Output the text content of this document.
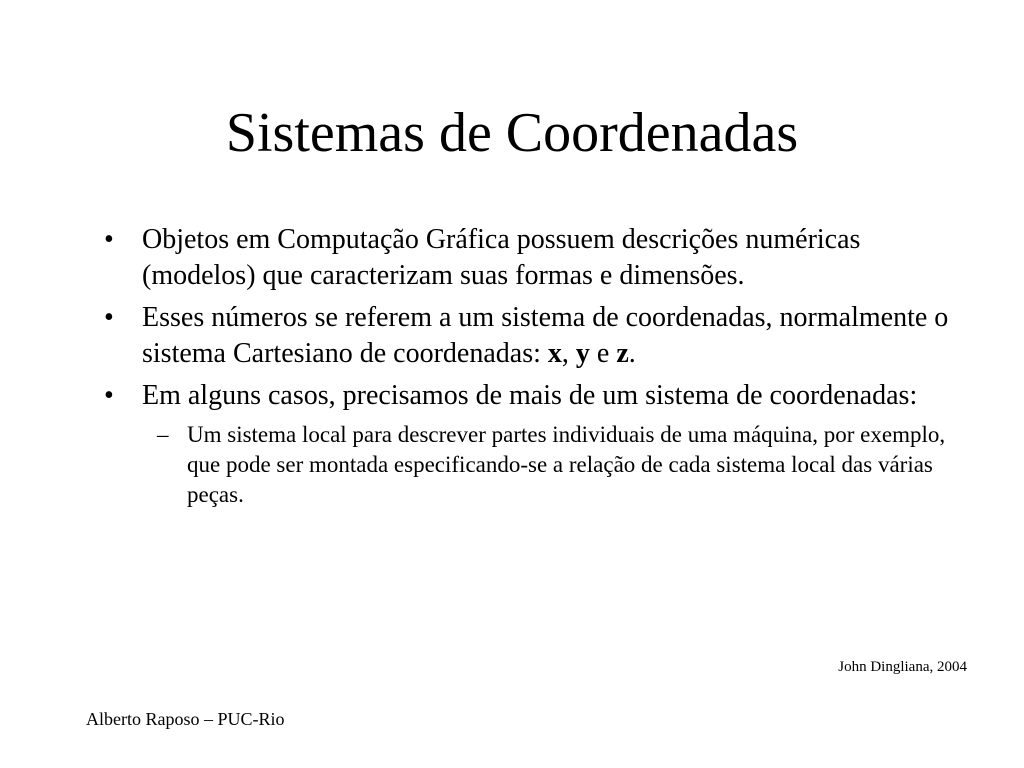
Sistemas de Coordenadas

• Objetos em Computação Gráfica possuem descrições numéricas (modelos) que caracterizam suas formas e dimensões.

• Esses números se referem a um sistema de coordenadas, normalmente o sistema Cartesiano de coordenadas: x, y e z.

• Em alguns casos, precisamos de mais de um sistema de coordenadas:

– Um sistema local para descrever partes individuais de uma máquina, por exemplo, que pode ser montada especificando-se a relação de cada sistema local das várias peças.

John Dingliana, 2004
Alberto Raposo – PUC-Rio
